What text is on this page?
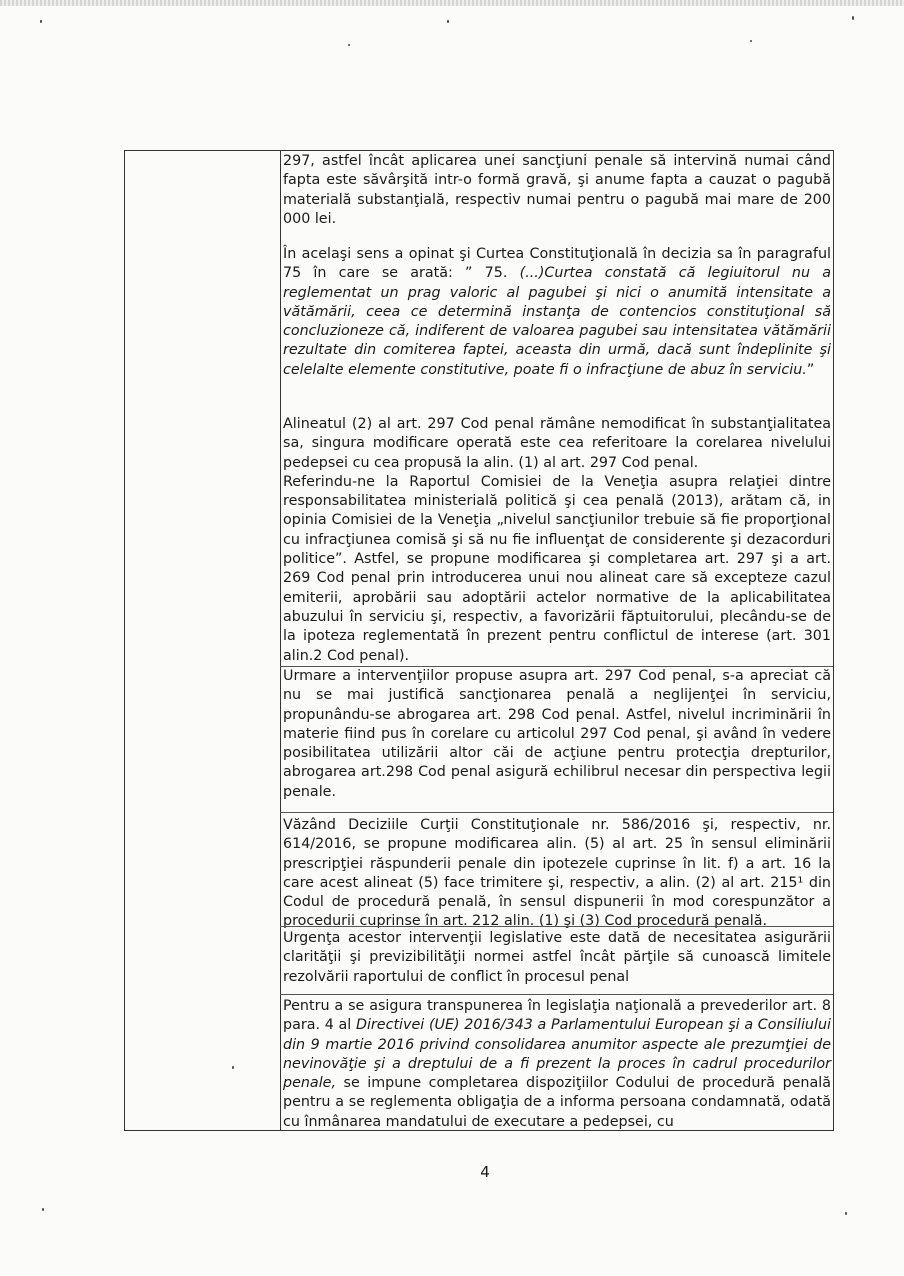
297, astfel încât aplicarea unei sancţiuni penale să intervină numai când fapta este săvârşită intr-o formă gravă, şi anume fapta a cauzat o pagubă materială substanţială, respectiv numai pentru o pagubă mai mare de 200 000 lei.

În acelaşi sens a opinat şi Curtea Constituţională în decizia sa în paragraful 75 în care se arată: ” 75. (...)Curtea constată că legiuitorul nu a reglementat un prag valoric al pagubei şi nici o anumită intensitate a vătămării, ceea ce determină instanţa de contencios constituţional să concluzioneze că, indiferent de valoarea pagubei sau intensitatea vătămării rezultate din comiterea faptei, aceasta din urmă, dacă sunt îndeplinite şi celelalte elemente constitutive, poate fi o infracţiune de abuz în serviciu.”

Alineatul (2) al art. 297 Cod penal rămâne nemodificat în substanţialitatea sa, singura modificare operată este cea referitoare la corelarea nivelului pedepsei cu cea propusă la alin. (1) al art. 297 Cod penal.
Referindu-ne la Raportul Comisiei de la Veneţia asupra relaţiei dintre responsabilitatea ministerială politică şi cea penală (2013), arătam că, in opinia Comisiei de la Veneţia „nivelul sancţiunilor trebuie să fie proporţional cu infracţiunea comisă şi să nu fie influenţat de considerente şi dezacorduri politice”. Astfel, se propune modificarea şi completarea art. 297 şi a art. 269 Cod penal prin introducerea unui nou alineat care să excepteze cazul emiterii, aprobării sau adoptării actelor normative de la aplicabilitatea abuzului în serviciu şi, respectiv, a favorizării făptuitorului, plecându-se de la ipoteza reglementată în prezent pentru conflictul de interese (art. 301 alin.2 Cod penal).

Urmare a intervenţiilor propuse asupra art. 297 Cod penal, s-a apreciat că nu se mai justifică sancţionarea penală a neglijenţei în serviciu, propunându-se abrogarea art. 298 Cod penal. Astfel, nivelul incriminării în materie fiind pus în corelare cu articolul 297 Cod penal, şi având în vedere posibilitatea utilizării altor căi de acţiune pentru protecţia drepturilor, abrogarea art.298 Cod penal asigură echilibrul necesar din perspectiva legii penale.

Văzând Deciziile Curţii Constituţionale nr. 586/2016 şi, respectiv, nr. 614/2016, se propune modificarea alin. (5) al art. 25 în sensul eliminării prescripţiei răspunderii penale din ipotezele cuprinse în lit. f) a art. 16 la care acest alineat (5) face trimitere şi, respectiv, a alin. (2) al art. 215¹ din Codul de procedură penală, în sensul dispunerii în mod corespunzător a procedurii cuprinse în art. 212 alin. (1) şi (3) Cod procedură penală.

Urgenţa acestor intervenţii legislative este dată de necesitatea asigurării clarităţii şi previzibilităţii normei astfel încât părţile să cunoască limitele rezolvării raportului de conflict în procesul penal

Pentru a se asigura transpunerea în legislaţia naţională a prevederilor art. 8 para. 4 al Directivei (UE) 2016/343 a Parlamentului European şi a Consiliului din 9 martie 2016 privind consolidarea anumitor aspecte ale prezumţiei de nevinovăţie şi a dreptului de a fi prezent la proces în cadrul procedurilor penale, se impune completarea dispoziţiilor Codului de procedură penală pentru a se reglementa obligaţia de a informa persoana condamnată, odată cu înmânarea mandatului de executare a pedepsei, cu

4
